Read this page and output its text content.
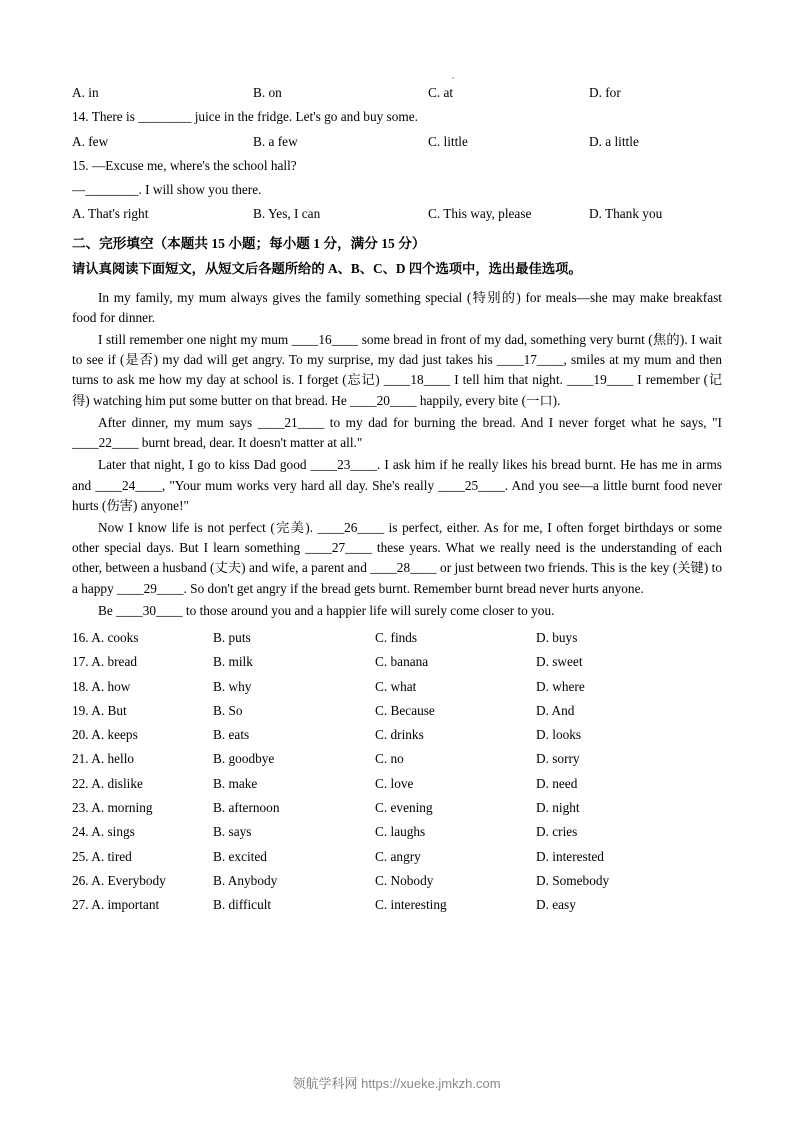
A. in	B. on	C. at	D. for
14. There is ________ juice in the fridge. Let's go and buy some.
A. few	B. a few	C. little	D. a little
15. —Excuse me, where's the school hall?
—________. I will show you there.
A. That's right	B. Yes, I can	C. This way, please	D. Thank you
二、完形填空（本题共 15 小题；每小题 1 分，满分 15 分）
请认真阅读下面短文，从短文后各题所给的 A、B、C、D 四个选项中，选出最佳选项。

In my family, my mum always gives the family something special (特别的) for meals—she may make breakfast food for dinner.

I still remember one night my mum ____16____ some bread in front of my dad, something very burnt (焦的). I wait to see if (是否) my dad will get angry. To my surprise, my dad just takes his ____17____, smiles at my mum and then turns to ask me how my day at school is. I forget (忘记) ____18____ I tell him that night. ____19____ I remember (记得) watching him put some butter on that bread. He ____20____ happily, every bite (一口).

After dinner, my mum says ____21____ to my dad for burning the bread. And I never forget what he says, "I ____22____ burnt bread, dear. It doesn't matter at all."

Later that night, I go to kiss Dad good ____23____. I ask him if he really likes his bread burnt. He has me in arms and ____24____, "Your mum works very hard all day. She's really ____25____. And you see—a little burnt food never hurts (伤害) anyone!"

Now I know life is not perfect (完美). ____26____ is perfect, either. As for me, I often forget birthdays or some other special days. But I learn something ____27____ these years. What we really need is the understanding of each other, between a husband (丈夫) and wife, a parent and ____28____ or just between two friends. This is the key (关键) to a happy ____29____. So don't get angry if the bread gets burnt. Remember burnt bread never hurts anyone.

Be ____30____ to those around you and a happier life will surely come closer to you.

16. A. cooks	B. puts	C. finds	D. buys
17. A. bread	B. milk	C. banana	D. sweet
18. A. how	B. why	C. what	D. where
19. A. But	B. So	C. Because	D. And
20. A. keeps	B. eats	C. drinks	D. looks
21. A. hello	B. goodbye	C. no	D. sorry
22. A. dislike	B. make	C. love	D. need
23. A. morning	B. afternoon	C. evening	D. night
24. A. sings	B. says	C. laughs	D. cries
25. A. tired	B. excited	C. angry	D. interested
26. A. Everybody	B. Anybody	C. Nobody	D. Somebody
27. A. important	B. difficult	C. interesting	D. easy
领航学科网 https://xueke.jmkzh.com
